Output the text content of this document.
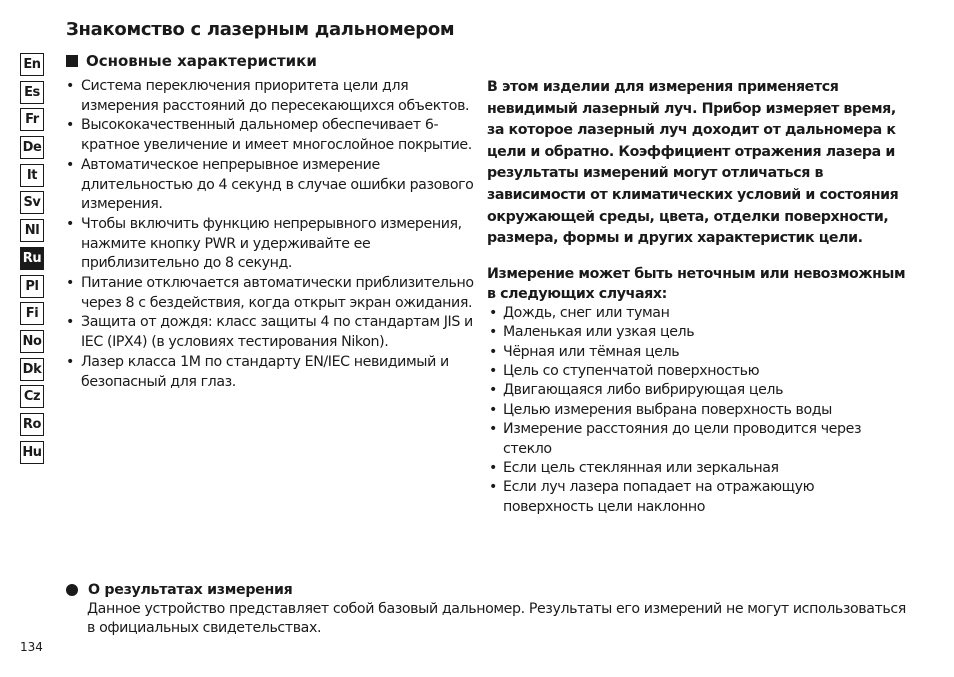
Знакомство с лазерным дальномером
En
Es
Fr
De
It
Sv
Nl
Ru
Pl
Fi
No
Dk
Cz
Ro
Hu
Основные характеристики
• Система переключения приоритета цели для измерения расстояний до пересекающихся объектов.
• Высококачественный дальномер обеспечивает 6-кратное увеличение и имеет многослойное покрытие.
• Автоматическое непрерывное измерение длительностью до 4 секунд в случае ошибки разового измерения.
• Чтобы включить функцию непрерывного измерения, нажмите кнопку PWR и удерживайте ее приблизительно до 8 секунд.
• Питание отключается автоматически приблизительно через 8 с бездействия, когда открыт экран ожидания.
• Защита от дождя: класс защиты 4 по стандартам JIS и IEC (IPX4) (в условиях тестирования Nikon).
• Лазер класса 1M по стандарту EN/IEC невидимый и безопасный для глаз.

В этом изделии для измерения применяется невидимый лазерный луч. Прибор измеряет время, за которое лазерный луч доходит от дальномера к цели и обратно. Коэффициент отражения лазера и результаты измерений могут отличаться в зависимости от климатических условий и состояния окружающей среды, цвета, отделки поверхности, размера, формы и других характеристик цели.

Измерение может быть неточным или невозможным в следующих случаях:

• Дождь, снег или туман
• Маленькая или узкая цель
• Чёрная или тёмная цель
• Цель со ступенчатой поверхностью
• Двигающаяся либо вибрирующая цель
• Целью измерения выбрана поверхность воды
• Измерение расстояния до цели проводится через стекло
• Если цель стеклянная или зеркальная
• Если луч лазера попадает на отражающую поверхность цели наклонно
О результатах измерения

Данное устройство представляет собой базовый дальномер. Результаты его измерений не могут использоваться в официальных свидетельствах.

134
